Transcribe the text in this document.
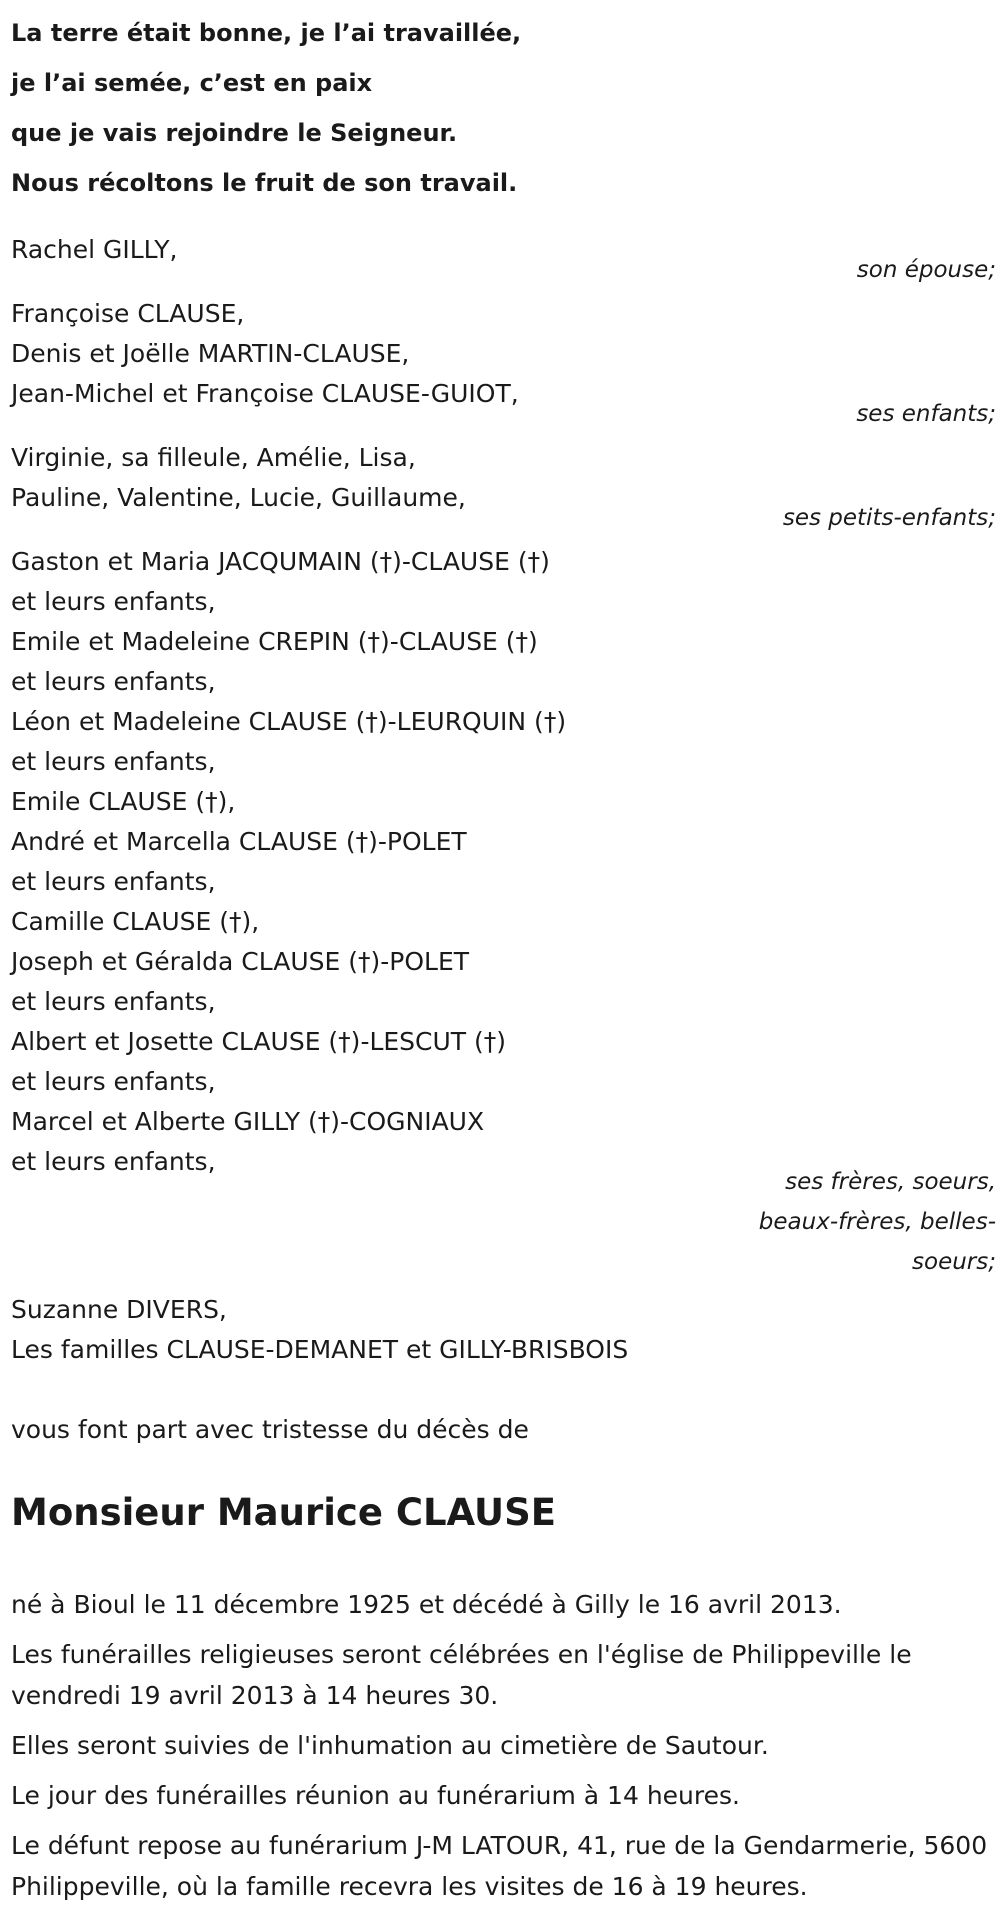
La terre était bonne, je l’ai travaillée,
je l’ai semée, c’est en paix
que je vais rejoindre le Seigneur.
Nous récoltons le fruit de son travail.
Rachel GILLY,
son épouse;
Françoise CLAUSE,
Denis et Joëlle MARTIN-CLAUSE,
Jean-Michel et Françoise CLAUSE-GUIOT,
ses enfants;
Virginie, sa filleule, Amélie, Lisa,
Pauline, Valentine, Lucie, Guillaume,
ses petits-enfants;
Gaston et Maria JACQUMAIN (†)-CLAUSE (†)
et leurs enfants,
Emile et Madeleine CREPIN (†)-CLAUSE (†)
et leurs enfants,
Léon et Madeleine CLAUSE (†)-LEURQUIN (†)
et leurs enfants,
Emile CLAUSE (†),
André et Marcella CLAUSE (†)-POLET
et leurs enfants,
Camille CLAUSE (†),
Joseph et Géralda CLAUSE (†)-POLET
et leurs enfants,
Albert et Josette CLAUSE (†)-LESCUT (†)
et leurs enfants,
Marcel et Alberte GILLY (†)-COGNIAUX
et leurs enfants,
ses frères, soeurs,
beaux-frères, belles-
soeurs;
Suzanne DIVERS,
Les familles CLAUSE-DEMANET et GILLY-BRISBOIS
vous font part avec tristesse du décès de
Monsieur Maurice CLAUSE

né à Bioul le 11 décembre 1925 et décédé à Gilly le 16 avril 2013.

Les funérailles religieuses seront célébrées en l'église de Philippeville le vendredi 19 avril 2013 à 14 heures 30.

Elles seront suivies de l'inhumation au cimetière de Sautour.

Le jour des funérailles réunion au funérarium à 14 heures.

Le défunt repose au funérarium J-M LATOUR, 41, rue de la Gendarmerie, 5600 Philippeville, où la famille recevra les visites de 16 à 19 heures.
